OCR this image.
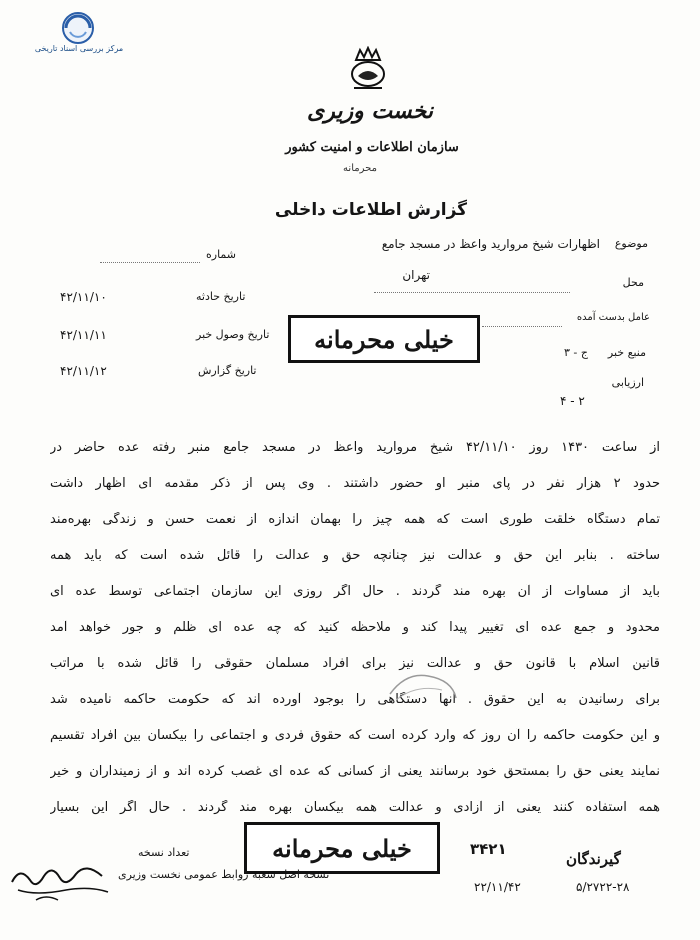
مرکز بررسی اسناد تاریخی
نخست وزیری
سازمان اطلاعات و امنیت کشور
محرمانه
گزارش اطلاعات داخلی
شماره
تاریخ حادثه
۴۲/۱۱/۱۰
تاریخ وصول خبر
۴۲/۱۱/۱۱
تاریخ گزارش
۴۲/۱۱/۱۲
موضوع
اظهارات شیخ مروارید واعظ در مسجد جامع
محل
تهران
عامل بدست آمده
منبع خبر
ج - ۳
ارزیابی
۲ - ۴
خیلی محرمانه
از ساعت ۱۴۳۰ روز ۴۲/۱۱/۱۰ شیخ مروارید واعظ در مسجد جامع منبر رفته عده حاضر در
حدود ۲ هزار نفر در پای منبر او حضور داشتند . وی پس از ذکر مقدمه ای اظهار داشت
تمام دستگاه خلقت طوری است که همه چیز را بهمان اندازه از نعمت حسن و زندگی بهره‌مند
ساخته . بنابر این حق و عدالت نیز چنانچه حق و عدالت را قائل شده است که باید همه
باید از مساوات از آن بهره مند گردند . حال اگر روزی این سازمان اجتماعی توسط عده ای
محدود و جمع عده ای تغییر پیدا کند و ملاحظه کنید که چه عده ای ظلم و جور خواهد آمد
قانین اسلام با قانون حق و عدالت نیز برای افراد مسلمان حقوقی را قائل شده با مراتب
برای رسانیدن به این حقوق . آنها دستگاهی را بوجود آورده اند که حکومت حاکمه نامیده شد
و این حکومت حاکمه را آن روز که وارد کرده است که حقوق فردی و اجتماعی را بیکسان بین افراد تقسیم
نمایند یعنی حق را بمستحق خود برسانند یعنی از کسانی که عده ای غصب کرده اند و از زمینداران و خیر
همه استفاده کنند یعنی از آزادی و عدالت همه بیکسان بهره مند گردند . حال اگر این بسیار
خیلی محرمانه
تعداد نسخه
نسخه اصل شعبه روابط عمومی نخست وزیری
گیرندگان
۳۴۲۱
۲۲/۱۱/۴۲	۵/۲۷۲۲-۲۸
